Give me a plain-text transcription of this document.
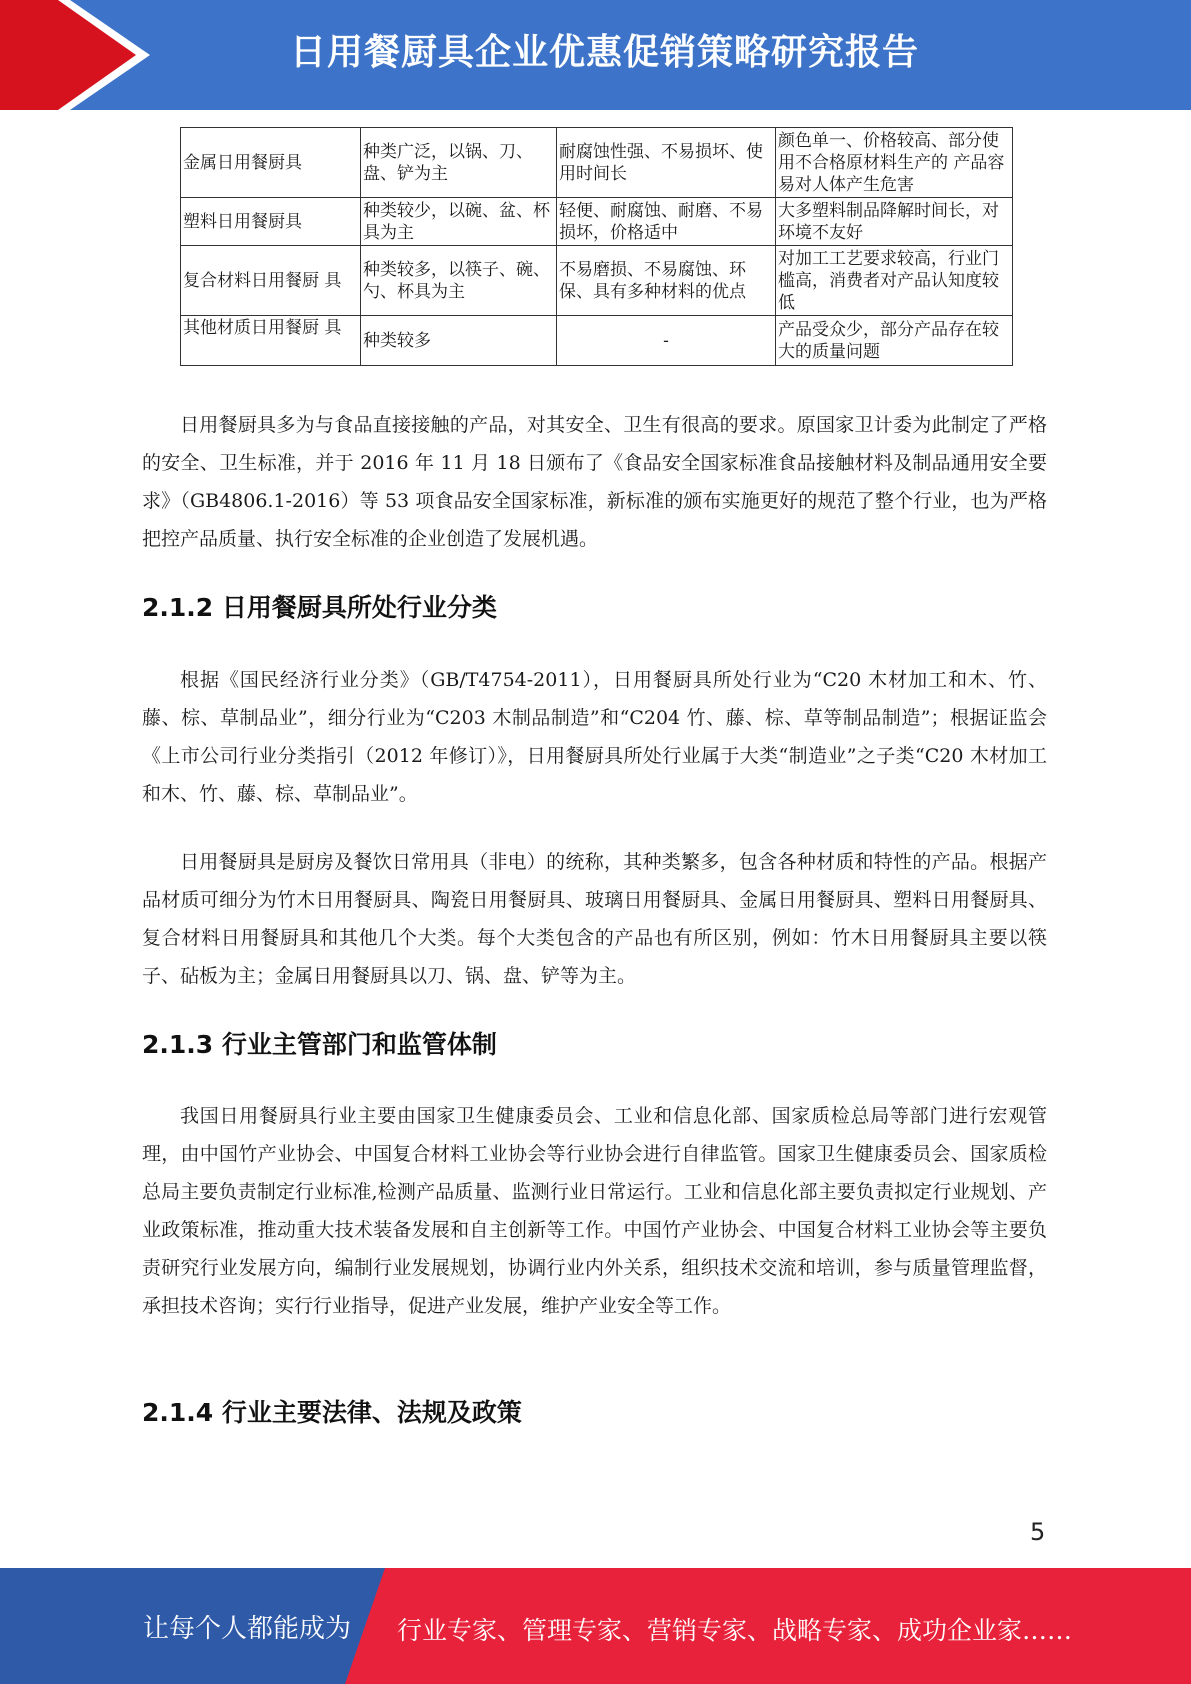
日用餐厨具企业优惠促销策略研究报告
金属日用餐厨具	种类广泛，以锅、刀、盘、铲为主	耐腐蚀性强、不易损坏、使用时间长	颜色单一、价格较高、部分使用不合格原材料生产的 产品容易对人体产生危害
塑料日用餐厨具	种类较少，以碗、盆、杯具为主	轻便、耐腐蚀、耐磨、不易损坏，价格适中	大多塑料制品降解时间长，对环境不友好
复合材料日用餐厨 具	种类较多，以筷子、碗、勺、杯具为主	不易磨损、不易腐蚀、环保、具有多种材料的优点	对加工工艺要求较高，行业门槛高，消费者对产品认知度较低
其他材质日用餐厨 具	种类较多	-	产品受众少，部分产品存在较大的质量问题

日用餐厨具多为与食品直接接触的产品，对其安全、卫生有很高的要求。原国家卫计委为此制定了严格的安全、卫生标准，并于 2016 年 11 月 18 日颁布了《食品安全国家标准食品接触材料及制品通用安全要求》（GB4806.1-2016）等 53 项食品安全国家标准，新标准的颁布实施更好的规范了整个行业，也为严格把控产品质量、执行安全标准的企业创造了发展机遇。

2.1.2 日用餐厨具所处行业分类

根据《国民经济行业分类》（GB/T4754-2011），日用餐厨具所处行业为“C20 木材加工和木、竹、藤、棕、草制品业”，细分行业为“C203 木制品制造”和“C204 竹、藤、棕、草等制品制造”；根据证监会《上市公司行业分类指引（2012 年修订）》，日用餐厨具所处行业属于大类“制造业”之子类“C20 木材加工和木、竹、藤、棕、草制品业”。

日用餐厨具是厨房及餐饮日常用具（非电）的统称，其种类繁多，包含各种材质和特性的产品。根据产品材质可细分为竹木日用餐厨具、陶瓷日用餐厨具、玻璃日用餐厨具、金属日用餐厨具、塑料日用餐厨具、复合材料日用餐厨具和其他几个大类。每个大类包含的产品也有所区别，例如：竹木日用餐厨具主要以筷子、砧板为主；金属日用餐厨具以刀、锅、盘、铲等为主。

2.1.3 行业主管部门和监管体制

我国日用餐厨具行业主要由国家卫生健康委员会、工业和信息化部、国家质检总局等部门进行宏观管理，由中国竹产业协会、中国复合材料工业协会等行业协会进行自律监管。国家卫生健康委员会、国家质检总局主要负责制定行业标准,检测产品质量、监测行业日常运行。工业和信息化部主要负责拟定行业规划、产业政策标准，推动重大技术装备发展和自主创新等工作。中国竹产业协会、中国复合材料工业协会等主要负责研究行业发展方向，编制行业发展规划，协调行业内外关系，组织技术交流和培训，参与质量管理监督，承担技术咨询；实行行业指导，促进产业发展，维护产业安全等工作。

2.1.4 行业主要法律、法规及政策
5
让每个人都能成为 行业专家、管理专家、营销专家、战略专家、成功企业家……
